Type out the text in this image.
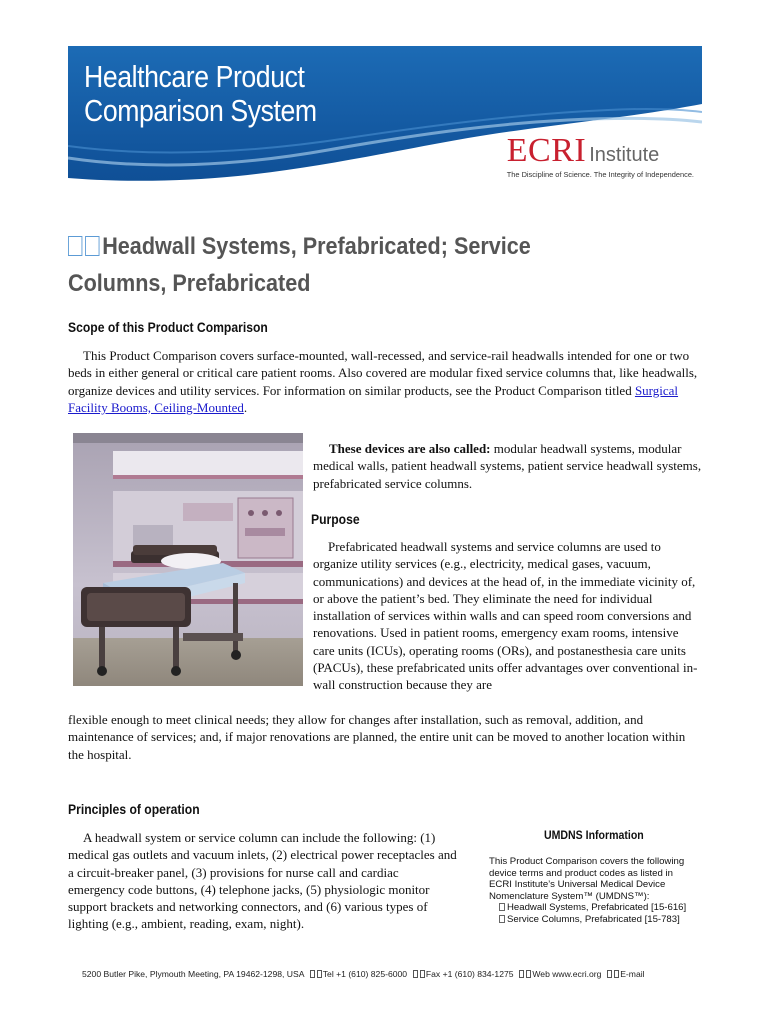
Healthcare Product
Comparison System
ECRI Institute
The Discipline of Science. The Integrity of Independence.
Headwall Systems, Prefabricated; Service Columns, Prefabricated
Scope of this Product Comparison

This Product Comparison covers surface-mounted, wall-recessed, and service-rail headwalls intended for one or two beds in either general or critical care patient rooms. Also covered are modular fixed service columns that, like headwalls, organize devices and utility services. For information on similar products, see the Product Comparison titled Surgical Facility Booms, Ceiling-Mounted.

These devices are also called: modular headwall systems, modular medical walls, patient headwall systems, patient service headwall systems, prefabricated service columns.

Purpose

Prefabricated headwall systems and service columns are used to organize utility services (e.g., electricity, medical gases, vacuum, communications) and devices at the head of, in the immediate vicinity of, or above the patient’s bed. They eliminate the need for individual installation of services within walls and can speed room conversions and renovations. Used in patient rooms, emergency exam rooms, intensive care units (ICUs), operating rooms (ORs), and postanesthesia care units (PACUs), these prefabricated units offer advantages over conventional in-wall construction because they are

flexible enough to meet clinical needs; they allow for changes after installation, such as removal, addition, and maintenance of services; and, if major renovations are planned, the entire unit can be moved to another location within the hospital.

Principles of operation

A headwall system or service column can include the following: (1) medical gas outlets and vacuum inlets, (2) electrical power receptacles and a circuit-breaker panel, (3) provisions for nurse call and cardiac emergency code buttons, (4) telephone jacks, (5) physiologic monitor support brackets and networking connectors, and (6) various types of lighting (e.g., ambient, reading, exam, night).

UMDNS Information
This Product Comparison covers the following device terms and product codes as listed in ECRI Institute’s Universal Medical Device Nomenclature System™ (UMDNS™):
Headwall Systems, Prefabricated [15-616]
Service Columns, Prefabricated [15-783]
5200 Butler Pike, Plymouth Meeting, PA 19462-1298, USA Tel +1 (610) 825-6000 Fax +1 (610) 834-1275 Web www.ecri.org E-mail
